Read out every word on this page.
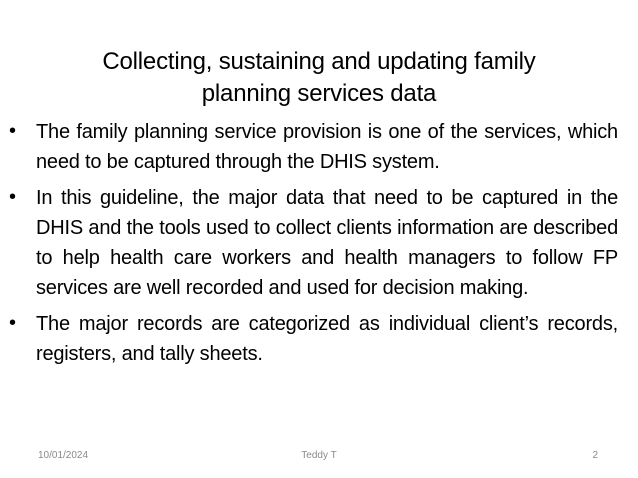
Collecting, sustaining and updating family
planning services data
• The family planning service provision is one of the services, which need to be captured through the DHIS system.
• In this guideline, the major data that need to be captured in the DHIS and the tools used to collect clients information are described to help health care workers and health managers to follow FP services are well recorded and used for decision making.
• The major records are categorized as individual client’s records, registers, and tally sheets.
10/01/2024	Teddy T	2
